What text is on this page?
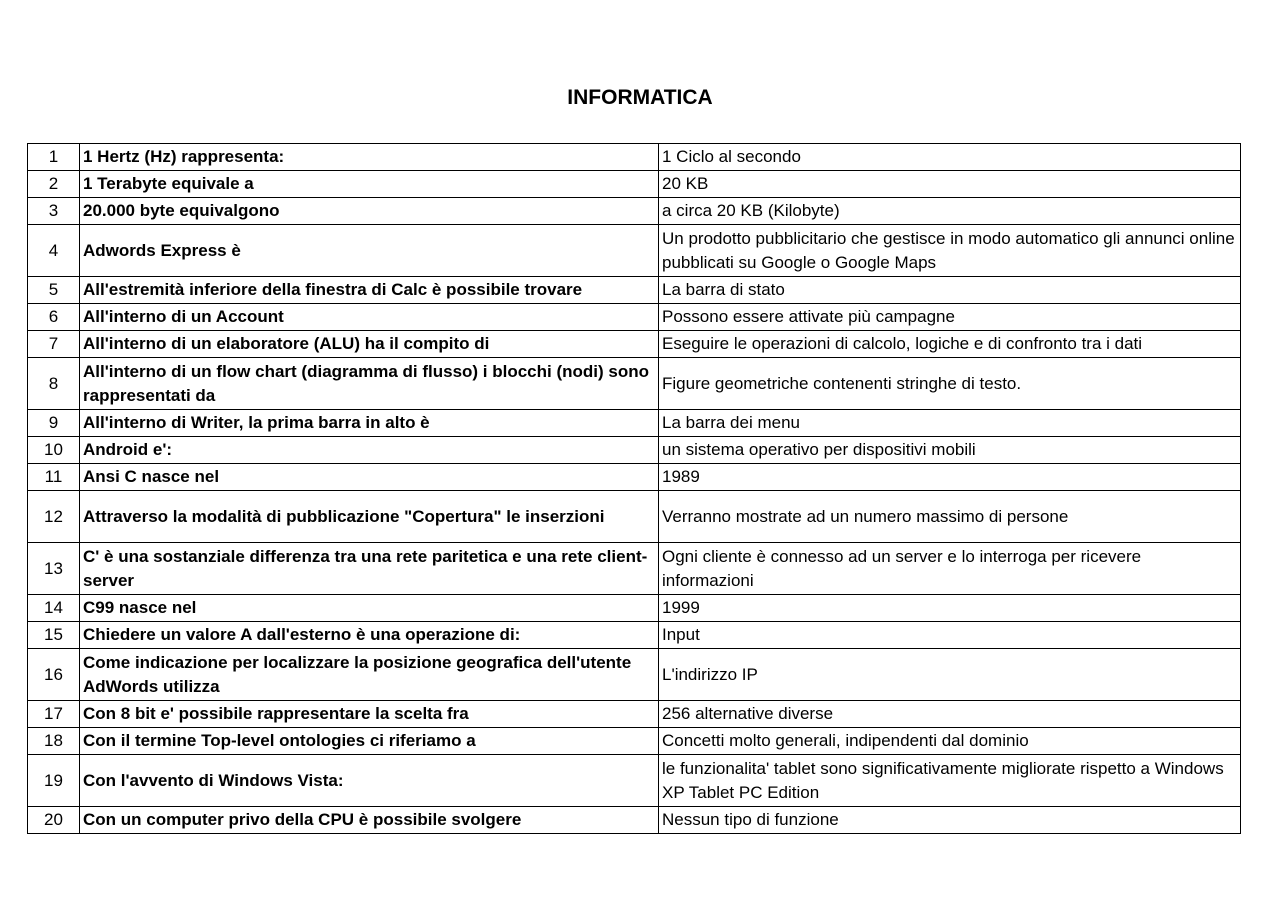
INFORMATICA
1	1 Hertz (Hz) rappresenta:	1 Ciclo al secondo
2	1 Terabyte equivale a	20 KB
3	20.000 byte equivalgono	a circa 20 KB (Kilobyte)
4	Adwords Express è	Un prodotto pubblicitario che gestisce in modo automatico gli annunci online pubblicati su Google o Google Maps
5	All'estremità inferiore della finestra di Calc è possibile trovare	La barra di stato
6	All'interno di un Account	Possono essere attivate più campagne
7	All'interno di un elaboratore (ALU) ha il compito di	Eseguire le operazioni di calcolo, logiche e di confronto tra i dati
8	All'interno di un flow chart (diagramma di flusso) i blocchi (nodi) sono rappresentati da	Figure geometriche contenenti stringhe di testo.
9	All'interno di Writer, la prima barra in alto è	La barra dei menu
10	Android e':	un sistema operativo per dispositivi mobili
11	Ansi C nasce nel	1989
12	Attraverso la modalità di pubblicazione "Copertura" le inserzioni	Verranno mostrate ad un numero massimo di persone
13	C' è una sostanziale differenza tra una rete paritetica e una rete client-server	Ogni cliente è connesso ad un server e lo interroga per ricevere informazioni
14	C99 nasce nel	1999
15	Chiedere un valore A dall'esterno è una operazione di:	Input
16	Come indicazione per localizzare la posizione geografica dell'utente AdWords utilizza	L'indirizzo IP
17	Con 8 bit e' possibile rappresentare la scelta fra	256 alternative diverse
18	Con il termine Top-level ontologies ci riferiamo a	Concetti molto generali, indipendenti dal dominio
19	Con l'avvento di Windows Vista:	le funzionalita' tablet sono significativamente migliorate rispetto a Windows XP Tablet PC Edition
20	Con un computer privo della CPU è possibile svolgere	Nessun tipo di funzione
